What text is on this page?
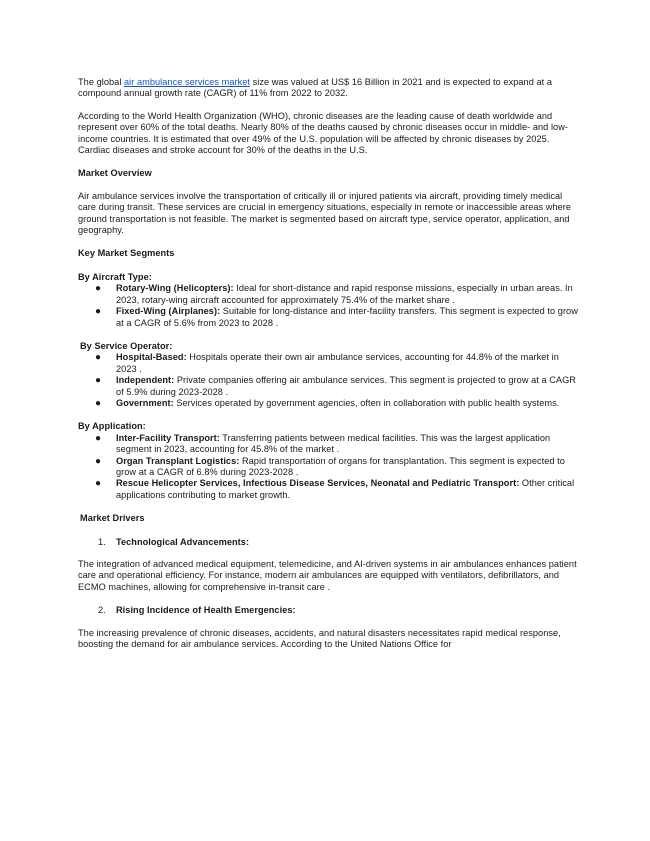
The global air ambulance services market size was valued at US$ 16 Billion in 2021 and is expected to expand at a compound annual growth rate (CAGR) of 11% from 2022 to 2032.

According to the World Health Organization (WHO), chronic diseases are the leading cause of death worldwide and represent over 60% of the total deaths. Nearly 80% of the deaths caused by chronic diseases occur in middle- and low-income countries. It is estimated that over 49% of the U.S. population will be affected by chronic diseases by 2025. Cardiac diseases and stroke account for 30% of the deaths in the U.S.

Market Overview

Air ambulance services involve the transportation of critically ill or injured patients via aircraft, providing timely medical care during transit. These services are crucial in emergency situations, especially in remote or inaccessible areas where ground transportation is not feasible. The market is segmented based on aircraft type, service operator, application, and geography.

Key Market Segments

By Aircraft Type:

● Rotary-Wing (Helicopters): Ideal for short-distance and rapid response missions, especially in urban areas. In 2023, rotary-wing aircraft accounted for approximately 75.4% of the market share .
● Fixed-Wing (Airplanes): Suitable for long-distance and inter-facility transfers. This segment is expected to grow at a CAGR of 5.6% from 2023 to 2028 .

By Service Operator:

● Hospital-Based: Hospitals operate their own air ambulance services, accounting for 44.8% of the market in 2023 .
● Independent: Private companies offering air ambulance services. This segment is projected to grow at a CAGR of 5.9% during 2023-2028 .
● Government: Services operated by government agencies, often in collaboration with public health systems.

By Application:

● Inter-Facility Transport: Transferring patients between medical facilities. This was the largest application segment in 2023, accounting for 45.8% of the market .
● Organ Transplant Logistics: Rapid transportation of organs for transplantation. This segment is expected to grow at a CAGR of 6.8% during 2023-2028 .
● Rescue Helicopter Services, Infectious Disease Services, Neonatal and Pediatric Transport: Other critical applications contributing to market growth.

Market Drivers

1. Technological Advancements:

The integration of advanced medical equipment, telemedicine, and AI-driven systems in air ambulances enhances patient care and operational efficiency. For instance, modern air ambulances are equipped with ventilators, defibrillators, and ECMO machines, allowing for comprehensive in-transit care .

2. Rising Incidence of Health Emergencies:

The increasing prevalence of chronic diseases, accidents, and natural disasters necessitates rapid medical response, boosting the demand for air ambulance services. According to the United Nations Office for
